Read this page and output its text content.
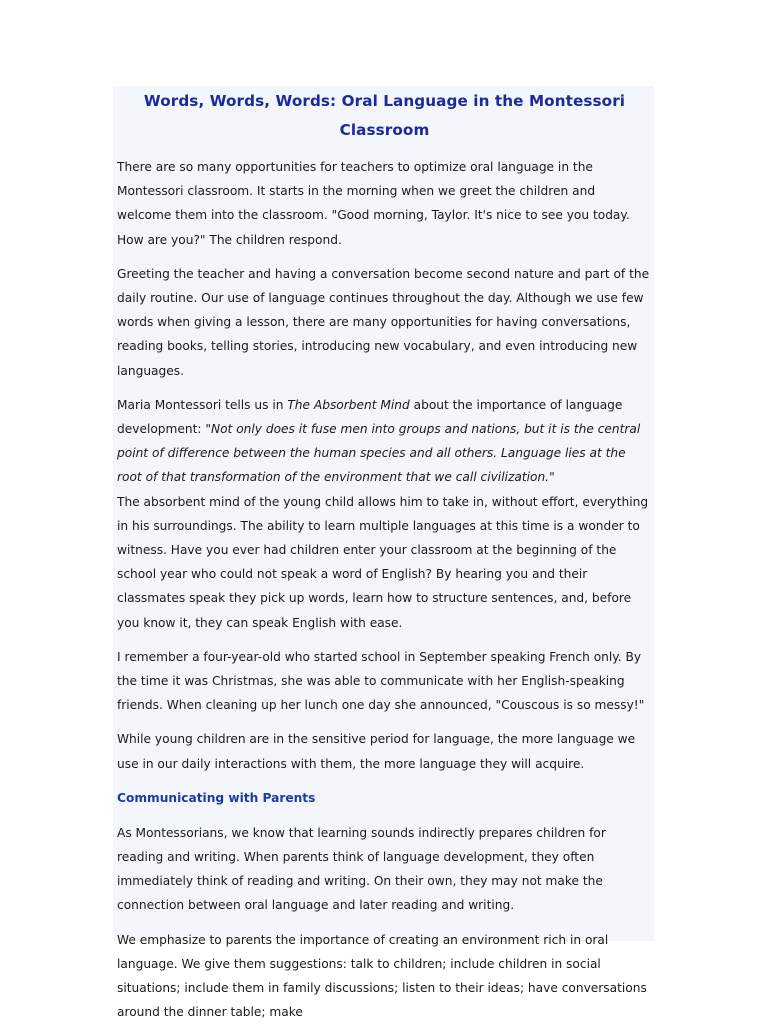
Words, Words, Words: Oral Language in the Montessori Classroom

There are so many opportunities for teachers to optimize oral language in the Montessori classroom. It starts in the morning when we greet the children and welcome them into the classroom. "Good morning, Taylor. It's nice to see you today. How are you?" The children respond.

Greeting the teacher and having a conversation become second nature and part of the daily routine. Our use of language continues throughout the day. Although we use few words when giving a lesson, there are many opportunities for having conversations, reading books, telling stories, introducing new vocabulary, and even introducing new languages.

Maria Montessori tells us in The Absorbent Mind about the importance of language development: "Not only does it fuse men into groups and nations, but it is the central point of difference between the human species and all others. Language lies at the root of that transformation of the environment that we call civilization."

The absorbent mind of the young child allows him to take in, without effort, everything in his surroundings. The ability to learn multiple languages at this time is a wonder to witness. Have you ever had children enter your classroom at the beginning of the school year who could not speak a word of English? By hearing you and their classmates speak they pick up words, learn how to structure sentences, and, before you know it, they can speak English with ease.

I remember a four-year-old who started school in September speaking French only. By the time it was Christmas, she was able to communicate with her English-speaking friends. When cleaning up her lunch one day she announced, "Couscous is so messy!"

While young children are in the sensitive period for language, the more language we use in our daily interactions with them, the more language they will acquire.

Communicating with Parents

As Montessorians, we know that learning sounds indirectly prepares children for reading and writing. When parents think of language development, they often immediately think of reading and writing. On their own, they may not make the connection between oral language and later reading and writing.

We emphasize to parents the importance of creating an environment rich in oral language. We give them suggestions: talk to children; include children in social situations; include them in family discussions; listen to their ideas; have conversations around the dinner table; make
